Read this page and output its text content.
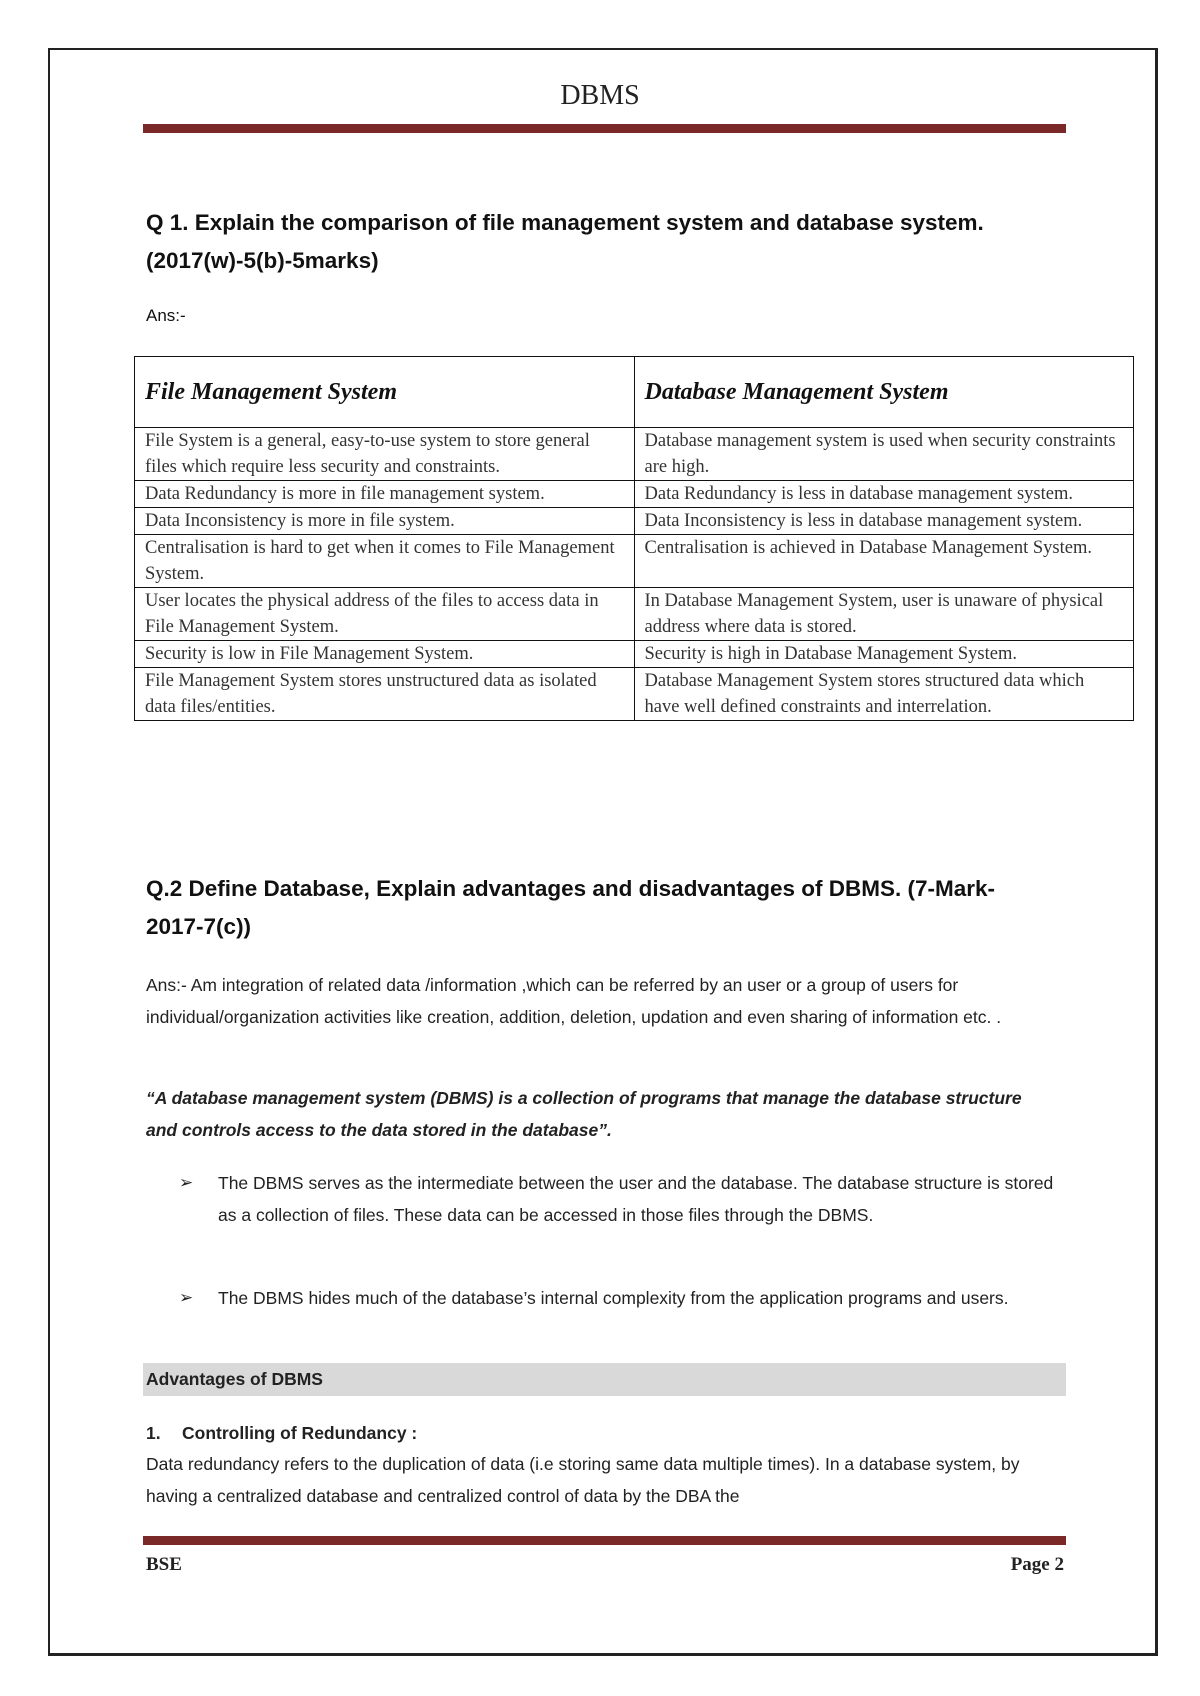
DBMS
Q 1. Explain the comparison of file management system and database system. (2017(w)-5(b)-5marks)
Ans:-
File Management System	Database Management System
File System is a general, easy-to-use system to store general files which require less security and constraints.	Database management system is used when security constraints are high.
Data Redundancy is more in file management system.	Data Redundancy is less in database management system.
Data Inconsistency is more in file system.	Data Inconsistency is less in database management system.
Centralisation is hard to get when it comes to File Management System.	Centralisation is achieved in Database Management System.
User locates the physical address of the files to access data in File Management System.	In Database Management System, user is unaware of physical address where data is stored.
Security is low in File Management System.	Security is high in Database Management System.
File Management System stores unstructured data as isolated data files/entities.	Database Management System stores structured data which have well defined constraints and interrelation.
Q.2 Define Database, Explain advantages and disadvantages of DBMS. (7-Mark-2017-7(c))
Ans:- Am integration of related data /information ,which can be referred by an user or a group of users for individual/organization activities like creation, addition, deletion, updation and even sharing of information etc. .
“A database management system (DBMS) is a collection of programs that manage the database structure and controls access to the data stored in the database”.
➢ The DBMS serves as the intermediate between the user and the database. The database structure is stored as a collection of files. These data can be accessed in those files through the DBMS.
➢ The DBMS hides much of the database’s internal complexity from the application programs and users.
Advantages of DBMS
1. Controlling of Redundancy :
Data redundancy refers to the duplication of data (i.e storing same data multiple times). In a database system, by having a centralized database and centralized control of data by the DBA the
BSE	Page 2
